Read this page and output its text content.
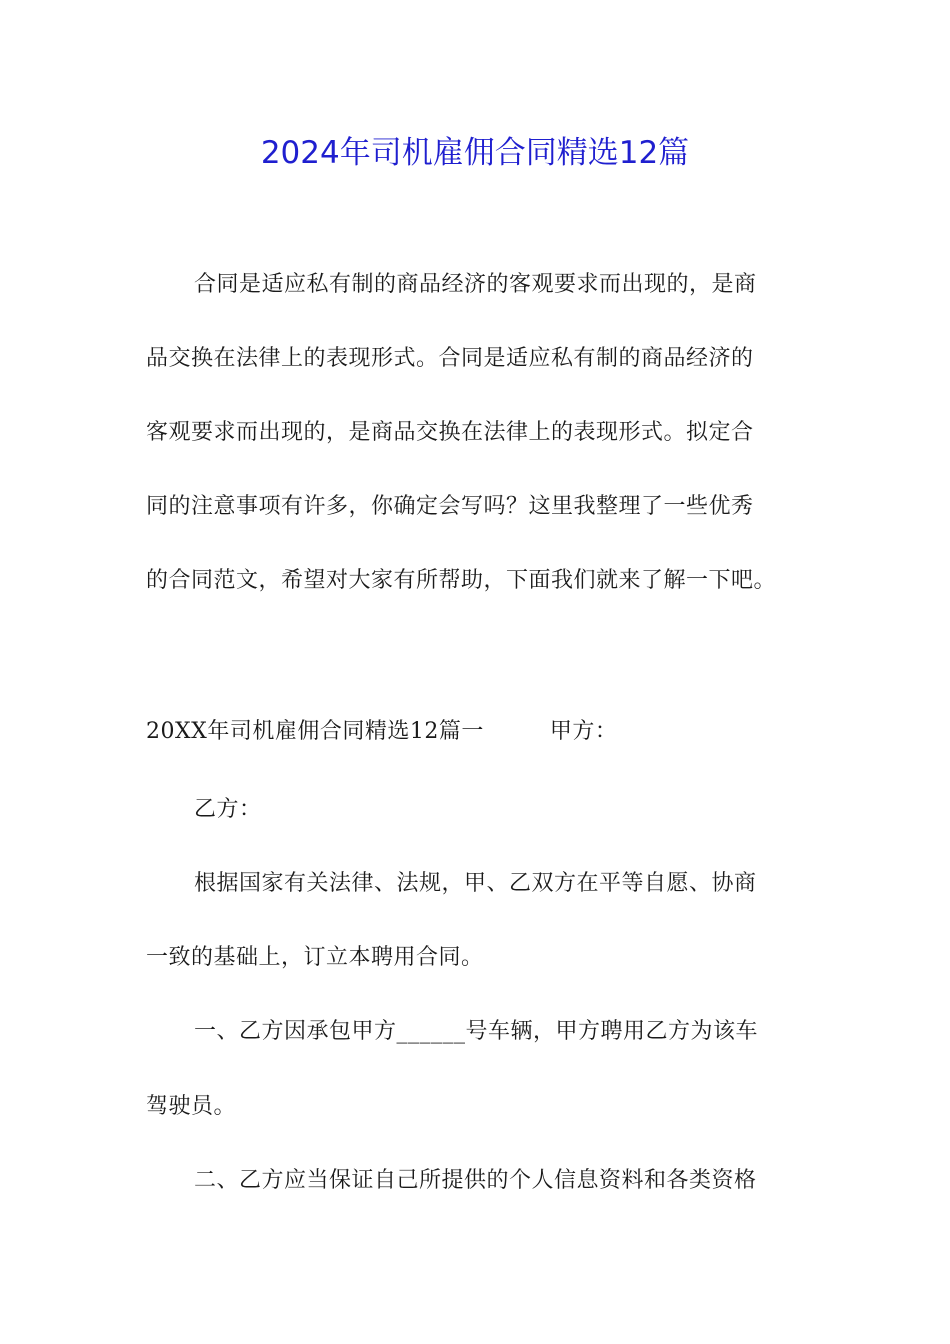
2024年司机雇佣合同精选12篇
合同是适应私有制的商品经济的客观要求而出现的，是商
品交换在法律上的表现形式。合同是适应私有制的商品经济的
客观要求而出现的，是商品交换在法律上的表现形式。拟定合
同的注意事项有许多，你确定会写吗？这里我整理了一些优秀
的合同范文，希望对大家有所帮助，下面我们就来了解一下吧。
20XX年司机雇佣合同精选12篇一	甲方：
乙方：
根据国家有关法律、法规，甲、乙双方在平等自愿、协商
一致的基础上，订立本聘用合同。
一、乙方因承包甲方______号车辆，甲方聘用乙方为该车
驾驶员。
二、乙方应当保证自己所提供的个人信息资料和各类资格
